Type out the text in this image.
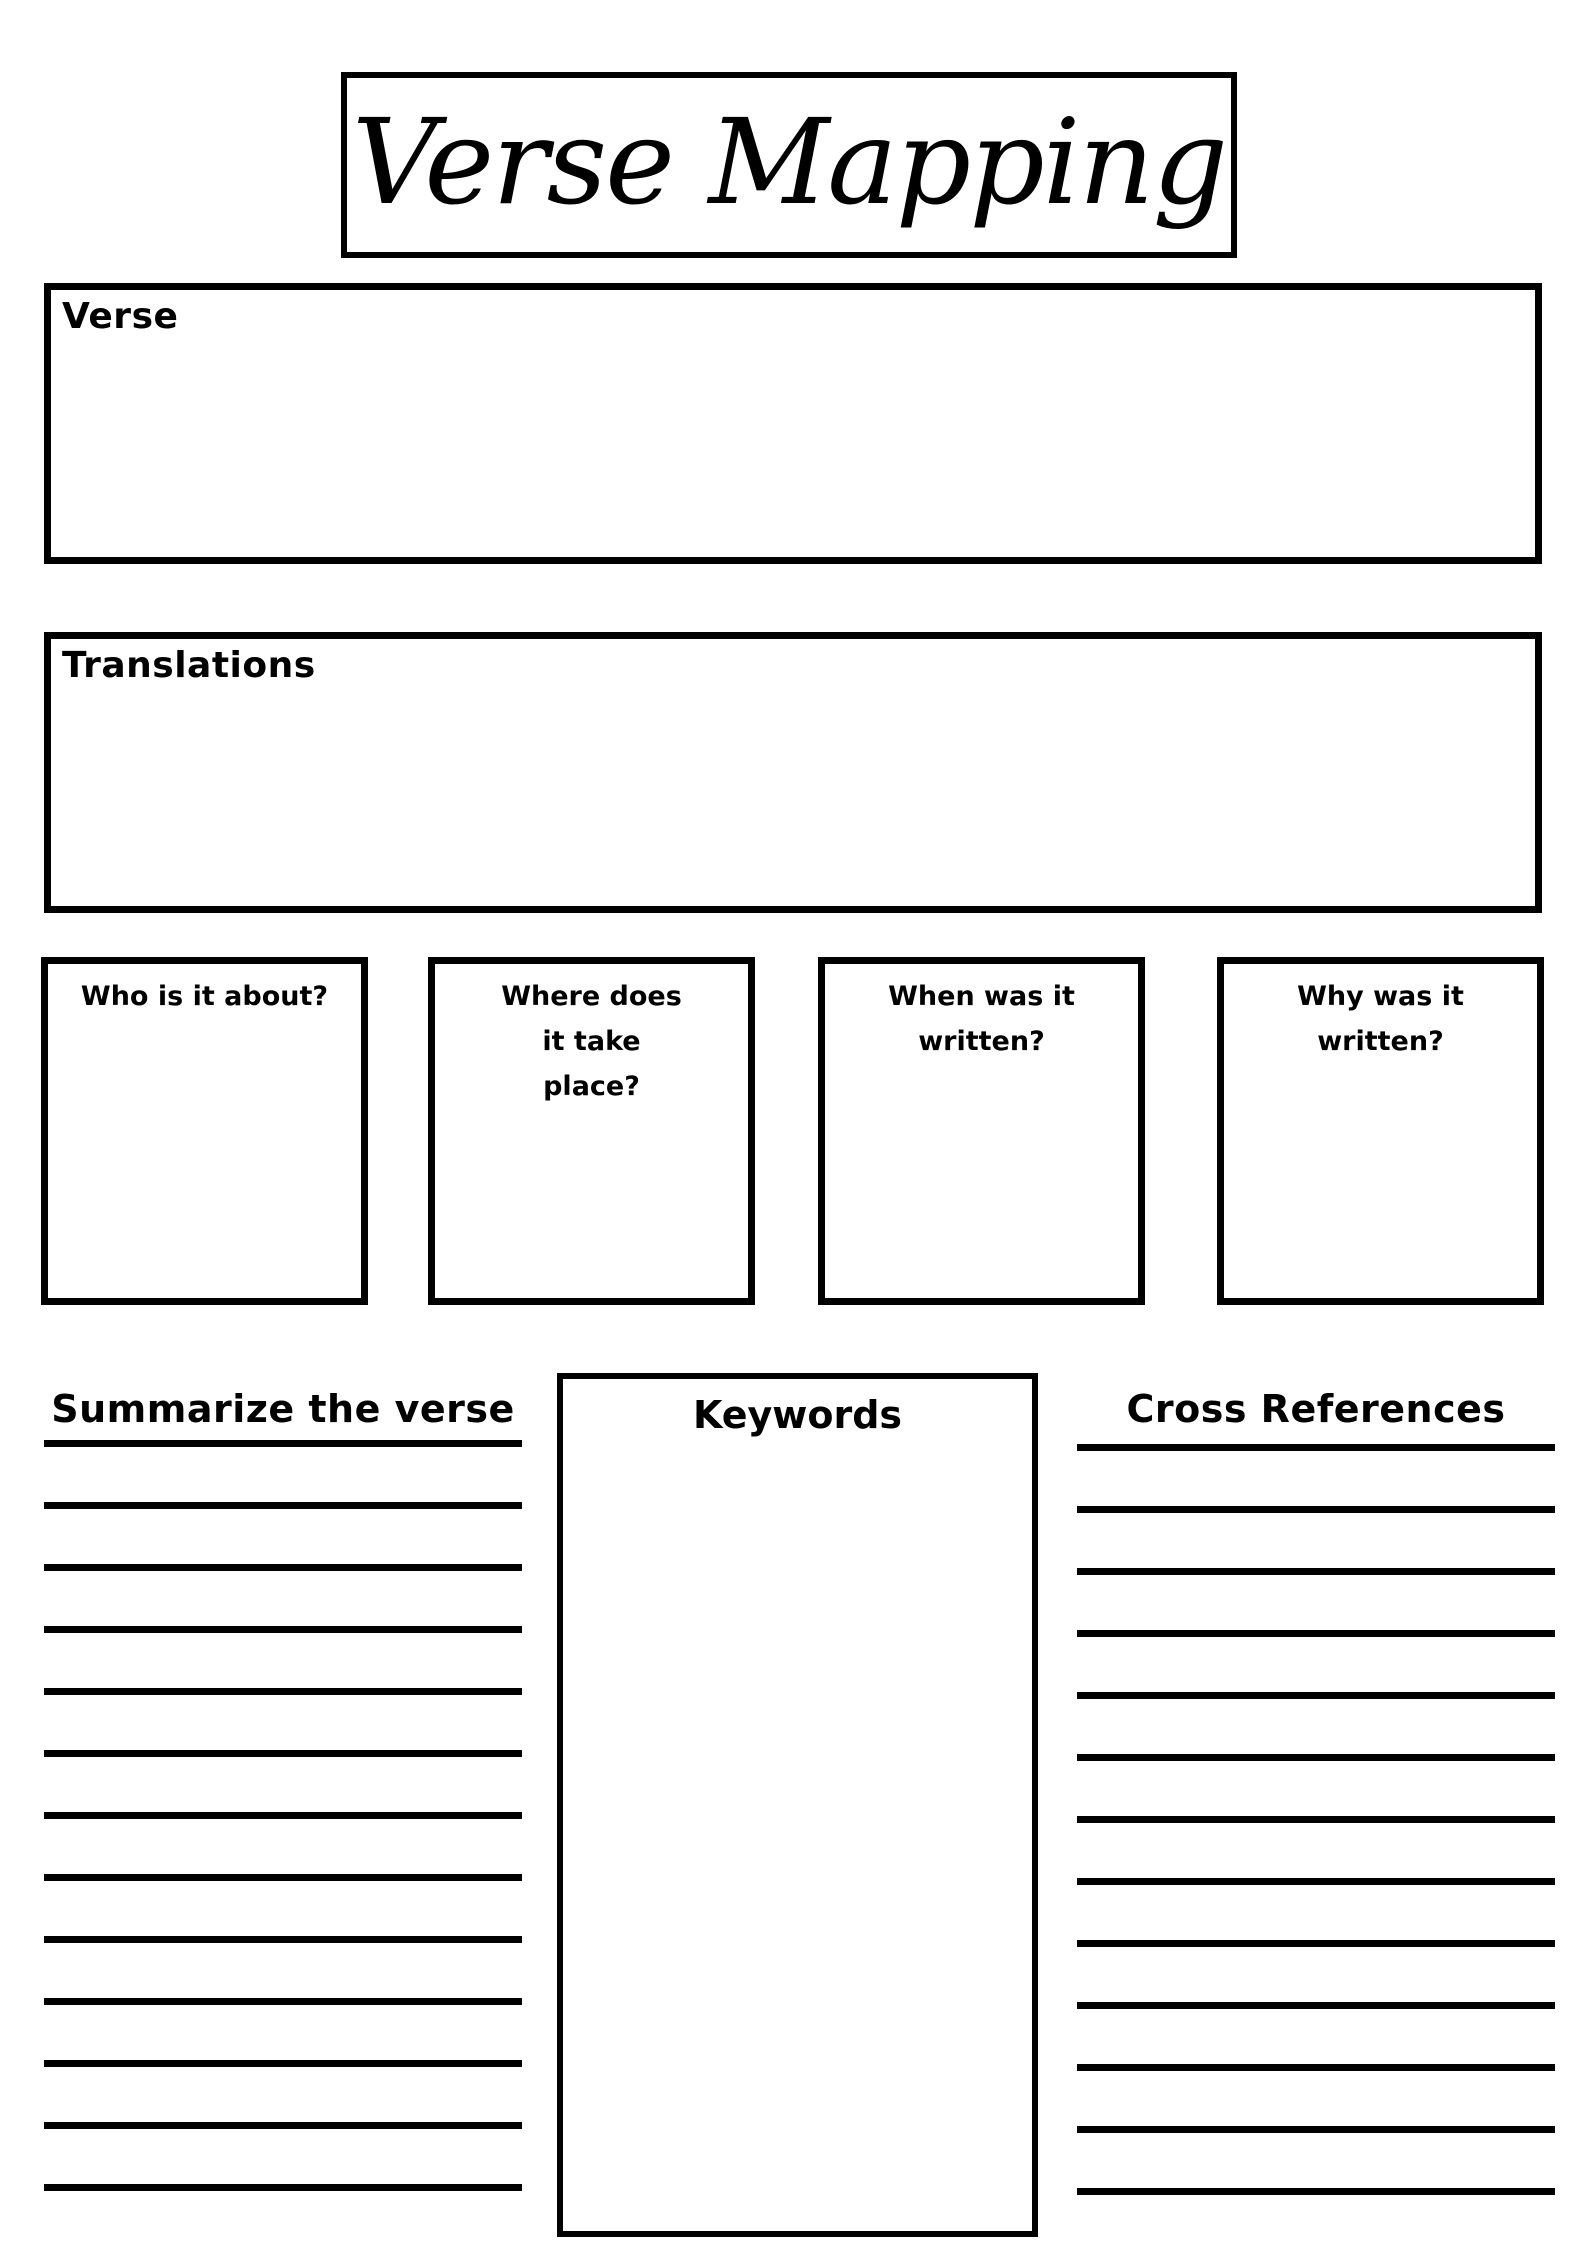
Verse Mapping
Verse
Translations
Who is it about?	Where does it take place?
When was it written?
Why was it written?
Summarize the verse	Keywords	Cross References
